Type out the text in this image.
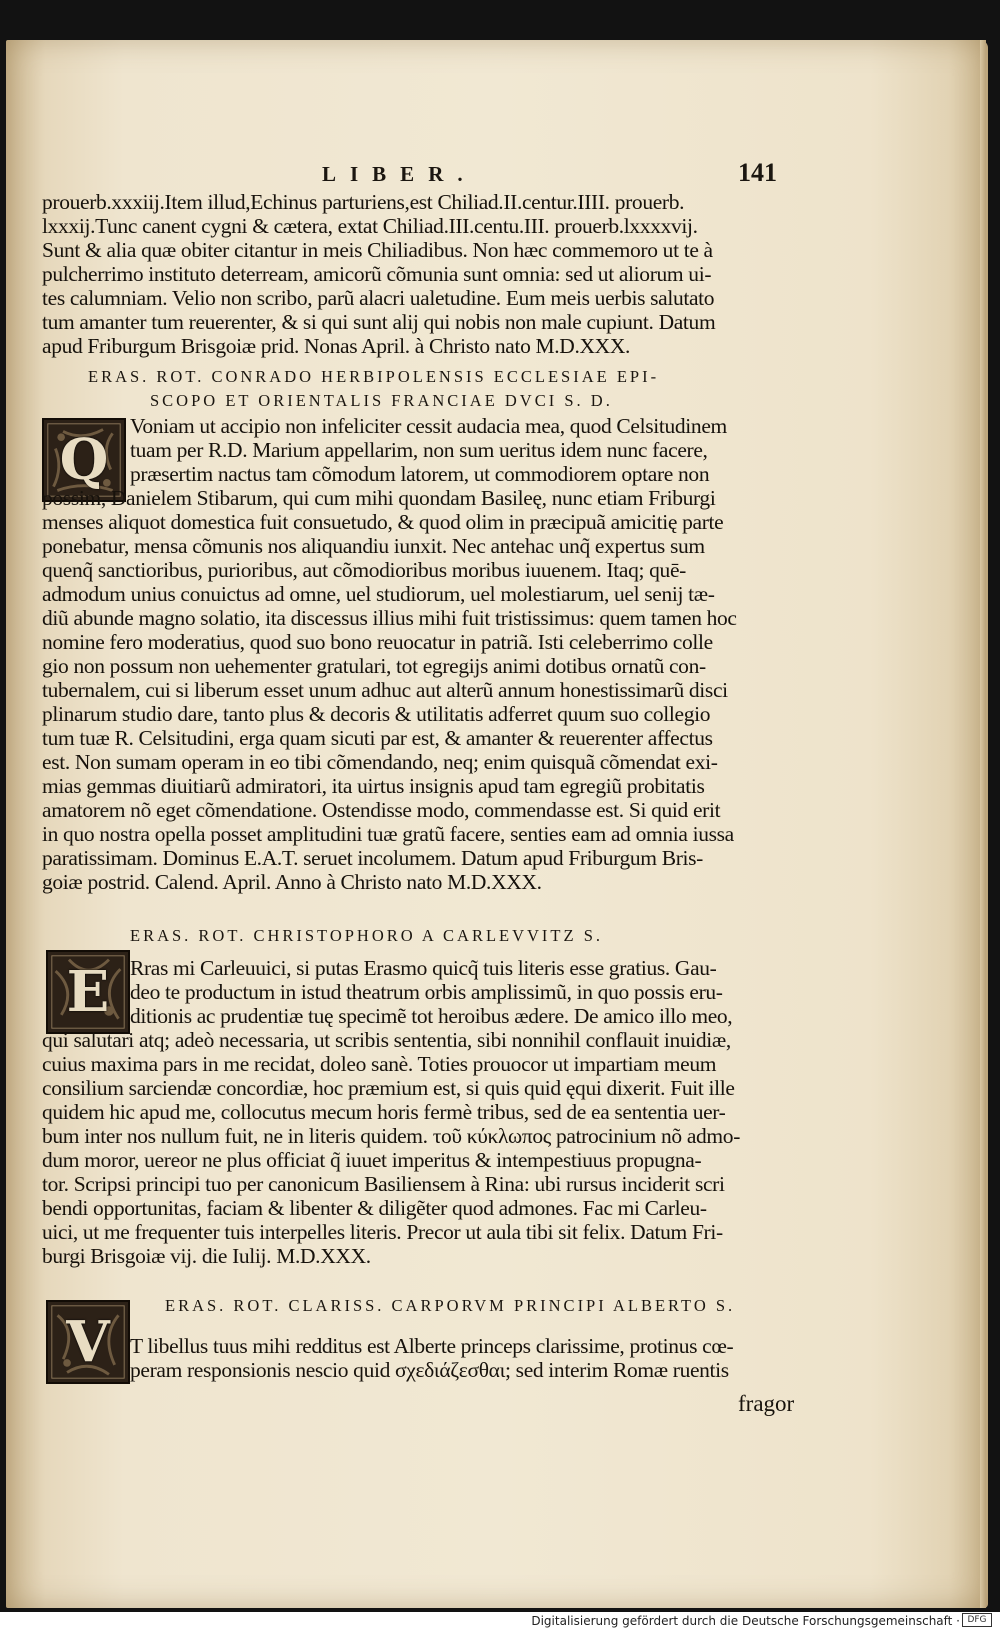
LIBER.	141
prouerb.xxxiij.Item illud,Echinus parturiens,est Chiliad.II.centur.IIII. prouerb.
lxxxij.Tunc canent cygni & cætera, extat Chiliad.III.centu.III. prouerb.lxxxxvij.
Sunt & alia quæ obiter citantur in meis Chiliadibus. Non hæc commemoro ut te à
pulcherrimo instituto deterream, amicorũ cõmunia sunt omnia: sed ut aliorum ui-
tes calumniam. Velio non scribo, parũ alacri ualetudine. Eum meis uerbis salutato
tum amanter tum reuerenter, & si qui sunt alij qui nobis non male cupiunt. Datum
apud Friburgum Brisgoiæ prid. Nonas April. à Christo nato M.D.XXX.
ERAS. ROT. CONRADO HERBIPOLENSIS ECCLESIAE EPI-
SCOPO ET ORIENTALIS FRANCIAE DVCI S. D.
Q
Voniam ut accipio non infeliciter cessit audacia mea, quod Celsitudinem
tuam per R.D. Marium appellarim, non sum ueritus idem nunc facere,
præsertim nactus tam cõmodum latorem, ut commodiorem optare non
possim, Danielem Stibarum, qui cum mihi quondam Basileę, nunc etiam Friburgi
menses aliquot domestica fuit consuetudo, & quod olim in præcipuã amicitię parte
ponebatur, mensa cõmunis nos aliquandiu iunxit. Nec antehac unq̃ expertus sum
quenq̃ sanctioribus, purioribus, aut cõmodioribus moribus iuuenem. Itaq; quē-
admodum unius conuictus ad omne, uel studiorum, uel molestiarum, uel senij tæ-
diũ abunde magno solatio, ita discessus illius mihi fuit tristissimus: quem tamen hoc
nomine fero moderatius, quod suo bono reuocatur in patriã. Isti celeberrimo colle
gio non possum non uehementer gratulari, tot egregijs animi dotibus ornatũ con-
tubernalem, cui si liberum esset unum adhuc aut alterũ annum honestissimarũ disci
plinarum studio dare, tanto plus & decoris & utilitatis adferret quum suo collegio
tum tuæ R. Celsitudini, erga quam sicuti par est, & amanter & reuerenter affectus
est. Non sumam operam in eo tibi cõmendando, neq; enim quisquã cõmendat exi-
mias gemmas diuitiarũ admiratori, ita uirtus insignis apud tam egregiũ probitatis
amatorem nõ eget cõmendatione. Ostendisse modo, commendasse est. Si quid erit
in quo nostra opella posset amplitudini tuæ gratũ facere, senties eam ad omnia iussa
paratissimam. Dominus E.A.T. seruet incolumem. Datum apud Friburgum Bris-
goiæ postrid. Calend. April. Anno à Christo nato M.D.XXX.
ERAS. ROT. CHRISTOPHORO A CARLEVVITZ S.
E Rras mi Carleuuici, si putas Erasmo quicq̃ tuis literis esse gratius. Gau-
deo te productum in istud theatrum orbis amplissimũ, in quo possis eru-
ditionis ac prudentiæ tuę specimẽ tot heroibus ædere. De amico illo meo,
qui salutari atq; adeò necessaria, ut scribis sententia, sibi nonnihil conflauit inuidiæ,
cuius maxima pars in me recidat, doleo sanè. Toties prouocor ut impartiam meum
consilium sarciendæ concordiæ, hoc præmium est, si quis quid ęqui dixerit. Fuit ille
quidem hic apud me, collocutus mecum horis fermè tribus, sed de ea sententia uer-
bum inter nos nullum fuit, ne in literis quidem. τοῦ κύκλωπος patrocinium nõ admo-
dum moror, uereor ne plus officiat q̃ iuuet imperitus & intempestiuus propugna-
tor. Scripsi principi tuo per canonicum Basiliensem à Rina: ubi rursus inciderit scri
bendi opportunitas, faciam & libenter & diligẽter quod admones. Fac mi Carleu-
uici, ut me frequenter tuis interpelles literis. Precor ut aula tibi sit felix. Datum Fri-
burgi Brisgoiæ vij. die Iulij. M.D.XXX.
ERAS. ROT. CLARISS. CARPORVM PRINCIPI ALBERTO S.
V T libellus tuus mihi redditus est Alberte princeps clarissime, protinus cœ-
peram responsionis nescio quid σχεδιάζεσθαι; sed interim Romæ ruentis
fragor
Digitalisierung gefördert durch die Deutsche Forschungsgemeinschaft · DFG
